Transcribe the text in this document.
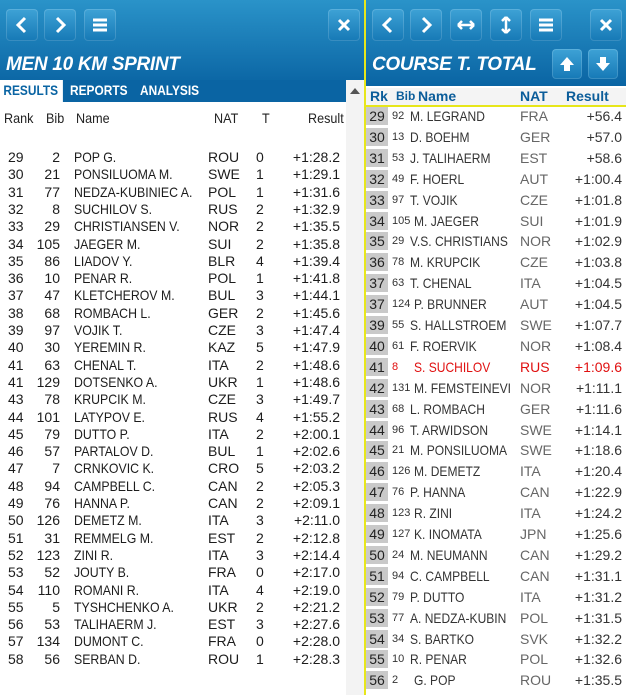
MEN 10 KM SPRINT
RESULTS REPORTS ANALYSIS
Rank Bib Name	NAT T	Result
29	2 POP G.	ROU 0 +1:28.2
30	21 PONSILUOMA M.	SWE 1 +1:29.1
31	77 NEDZA-KUBINIEC A. POL 1 +1:31.6
32	8 SUCHILOV S.	RUS 2 +1:32.9
33	29 CHRISTIANSEN V. NOR 2 +1:35.5
34 105 JAEGER M.	SUI 2 +1:35.8
35	86 LIADOV Y.	BLR 4 +1:39.4
36	10 PENAR R.	POL 1 +1:41.8
37	47 KLETCHEROV M. BUL 3 +1:44.1
38	68 ROMBACH L.	GER 2 +1:45.6
39	97 VOJIK T.	CZE 3 +1:47.4
40	30 YEREMIN R.	KAZ 5 +1:47.9
41	63 CHENAL T.	ITA 2 +1:48.6
41 129 DOTSENKO A.	UKR 1 +1:48.6
43	78 KRUPCIK M.	CZE 3 +1:49.7
44 101 LATYPOV E.	RUS 4 +1:55.2
45	79 DUTTO P.	ITA 2 +2:00.1
46	57 PARTALOV D.	BUL 1 +2:02.6
47	7 CRNKOVIC K.	CRO 5 +2:03.2
48	94 CAMPBELL C.	CAN 2 +2:05.3
49	76 HANNA P.	CAN 2 +2:09.1
50 126 DEMETZ M.	ITA 3 +2:11.0
51	31 REMMELG M.	EST 2 +2:12.8
52 123 ZINI R.	ITA 3 +2:14.4
53	52 JOUTY B.	FRA 0 +2:17.0
54	110 ROMANI R.	ITA 4 +2:19.0
55	5 TYSHCHENKO A. UKR 2 +2:21.2
56	53 TALIHAERM J.	EST 3 +2:27.6
57 134 DUMONT C.	FRA 0 +2:28.0
58	56 SERBAN D.	ROU 1 +2:28.3
COURSE T. TOTAL
Rk Bib Name	NAT Result
29 92 M. LEGRAND	FRA	+56.4
30 13 D. BOEHM	GER	+57.0
31 53 J. TALIHAERM EST	+58.6
32 49 F. HOERL	AUT +1:00.4
33 97 T. VOJIK	CZE +1:01.8
34 105 M. JAEGER	SUI +1:01.9
35 29 V.S. CHRISTIANS NOR +1:02.9
36 78 M. KRUPCIK	CZE +1:03.8
37 63 T. CHENAL	ITA +1:04.5
37 124 P. BRUNNER AUT +1:04.5
39 55 S. HALLSTROEM SWE +1:07.7
40 61 F. ROERVIK	NOR +1:08.4
41 8 S. SUCHILOV RUS +1:09.6
42 131 M. FEMSTEINEVI NOR +1:11.1
43 68 L. ROMBACH	GER +1:11.6
44 96 T. ARWIDSON SWE +1:14.1
45 21 M. PONSILUOMA SWE +1:18.6
46 126 M. DEMETZ	ITA +1:20.4
47 76 P. HANNA	CAN +1:22.9
48 123 R. ZINI	ITA +1:24.2
49 127 K. INOMATA	JPN +1:25.6
50 24 M. NEUMANN CAN +1:29.2
51 94 C. CAMPBELL CAN +1:31.1
52 79 P. DUTTO	ITA +1:31.2
53 77 A. NEDZA-KUBIN POL +1:31.5
54 34 S. BARTKO	SVK +1:32.2
55 10 R. PENAR	POL +1:32.6
56 2 G. POP	ROU +1:35.5
